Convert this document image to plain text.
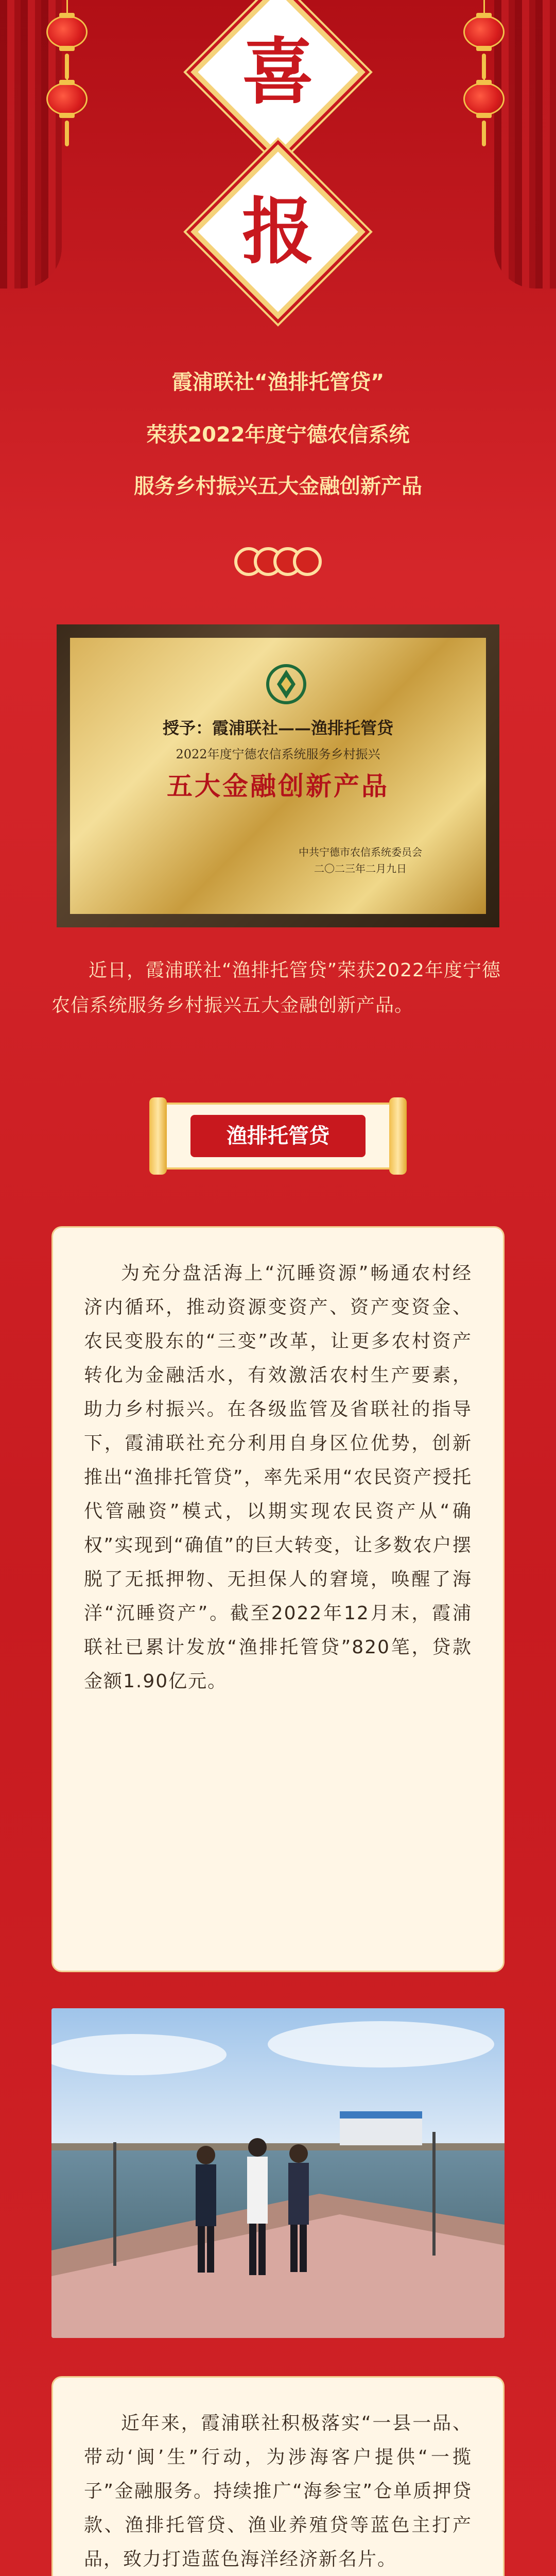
喜
报
霞浦联社“渔排托管贷”
荣获2022年度宁德农信系统
服务乡村振兴五大金融创新产品
授予：霞浦联社——渔排托管贷
2022年度宁德农信系统服务乡村振兴
五大金融创新产品
中共宁德市农信系统委员会
二〇二三年二月九日
近日，霞浦联社“渔排托管贷”荣获2022年度宁德农信系统服务乡村振兴五大金融创新产品。
渔排托管贷

为充分盘活海上“沉睡资源”畅通农村经济内循环，推动资源变资产、资产变资金、农民变股东的“三变”改革，让更多农村资产转化为金融活水，有效激活农村生产要素，助力乡村振兴。在各级监管及省联社的指导下，霞浦联社充分利用自身区位优势，创新推出“渔排托管贷”，率先采用“农民资产授托代管融资”模式，以期实现农民资产从“确权”实现到“确值”的巨大转变，让多数农户摆脱了无抵押物、无担保人的窘境，唤醒了海洋“沉睡资产”。截至2022年12月末，霞浦联社已累计发放“渔排托管贷”820笔，贷款金额1.90亿元。

近年来，霞浦联社积极落实“一县一品、带动‘闽’生”行动，为涉海客户提供“一揽子”金融服务。持续推广“海参宝”仓单质押贷款、渔排托管贷、渔业养殖贷等蓝色主打产品，致力打造蓝色海洋经济新名片。
